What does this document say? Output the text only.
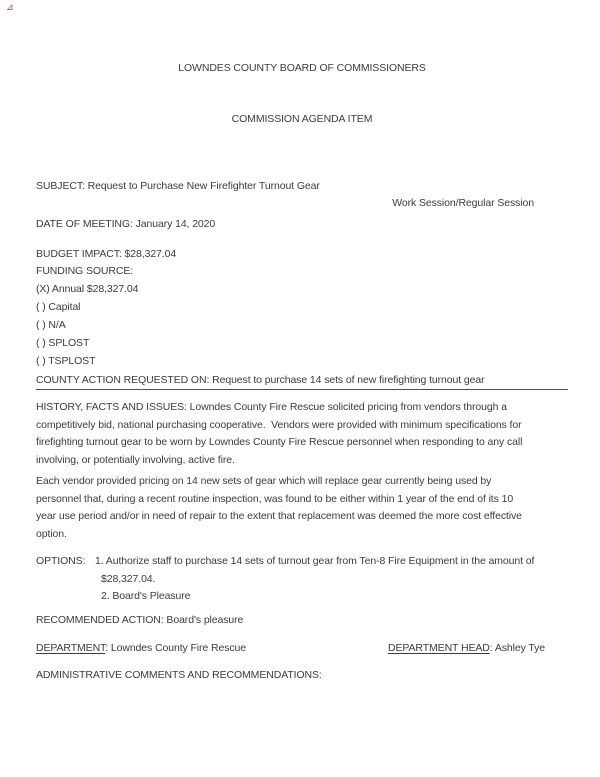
⊿

LOWNDES COUNTY BOARD OF COMMISSIONERS

COMMISSION AGENDA ITEM

SUBJECT: Request to Purchase New Firefighter Turnout Gear
Work Session/Regular Session
DATE OF MEETING: January 14, 2020
BUDGET IMPACT: $28,327.04
FUNDING SOURCE:
(X) Annual $28,327.04
( ) Capital
( ) N/A
( ) SPLOST
( ) TSPLOST
COUNTY ACTION REQUESTED ON: Request to purchase 14 sets of new firefighting turnout gear
HISTORY, FACTS AND ISSUES: Lowndes County Fire Rescue solicited pricing from vendors through a
competitively bid, national purchasing cooperative.  Vendors were provided with minimum specifications for
firefighting turnout gear to be worn by Lowndes County Fire Rescue personnel when responding to any call
involving, or potentially involving, active fire.
Each vendor provided pricing on 14 new sets of gear which will replace gear currently being used by
personnel that, during a recent routine inspection, was found to be either within 1 year of the end of its 10
year use period and/or in need of repair to the extent that replacement was deemed the more cost effective
option.
OPTIONS: 1. Authorize staff to purchase 14 sets of turnout gear from Ten-8 Fire Equipment in the amount of
$28,327.04.
2. Board's Pleasure
RECOMMENDED ACTION: Board's pleasure
DEPARTMENT: Lowndes County Fire Rescue	DEPARTMENT HEAD: Ashley Tye
ADMINISTRATIVE COMMENTS AND RECOMMENDATIONS:
